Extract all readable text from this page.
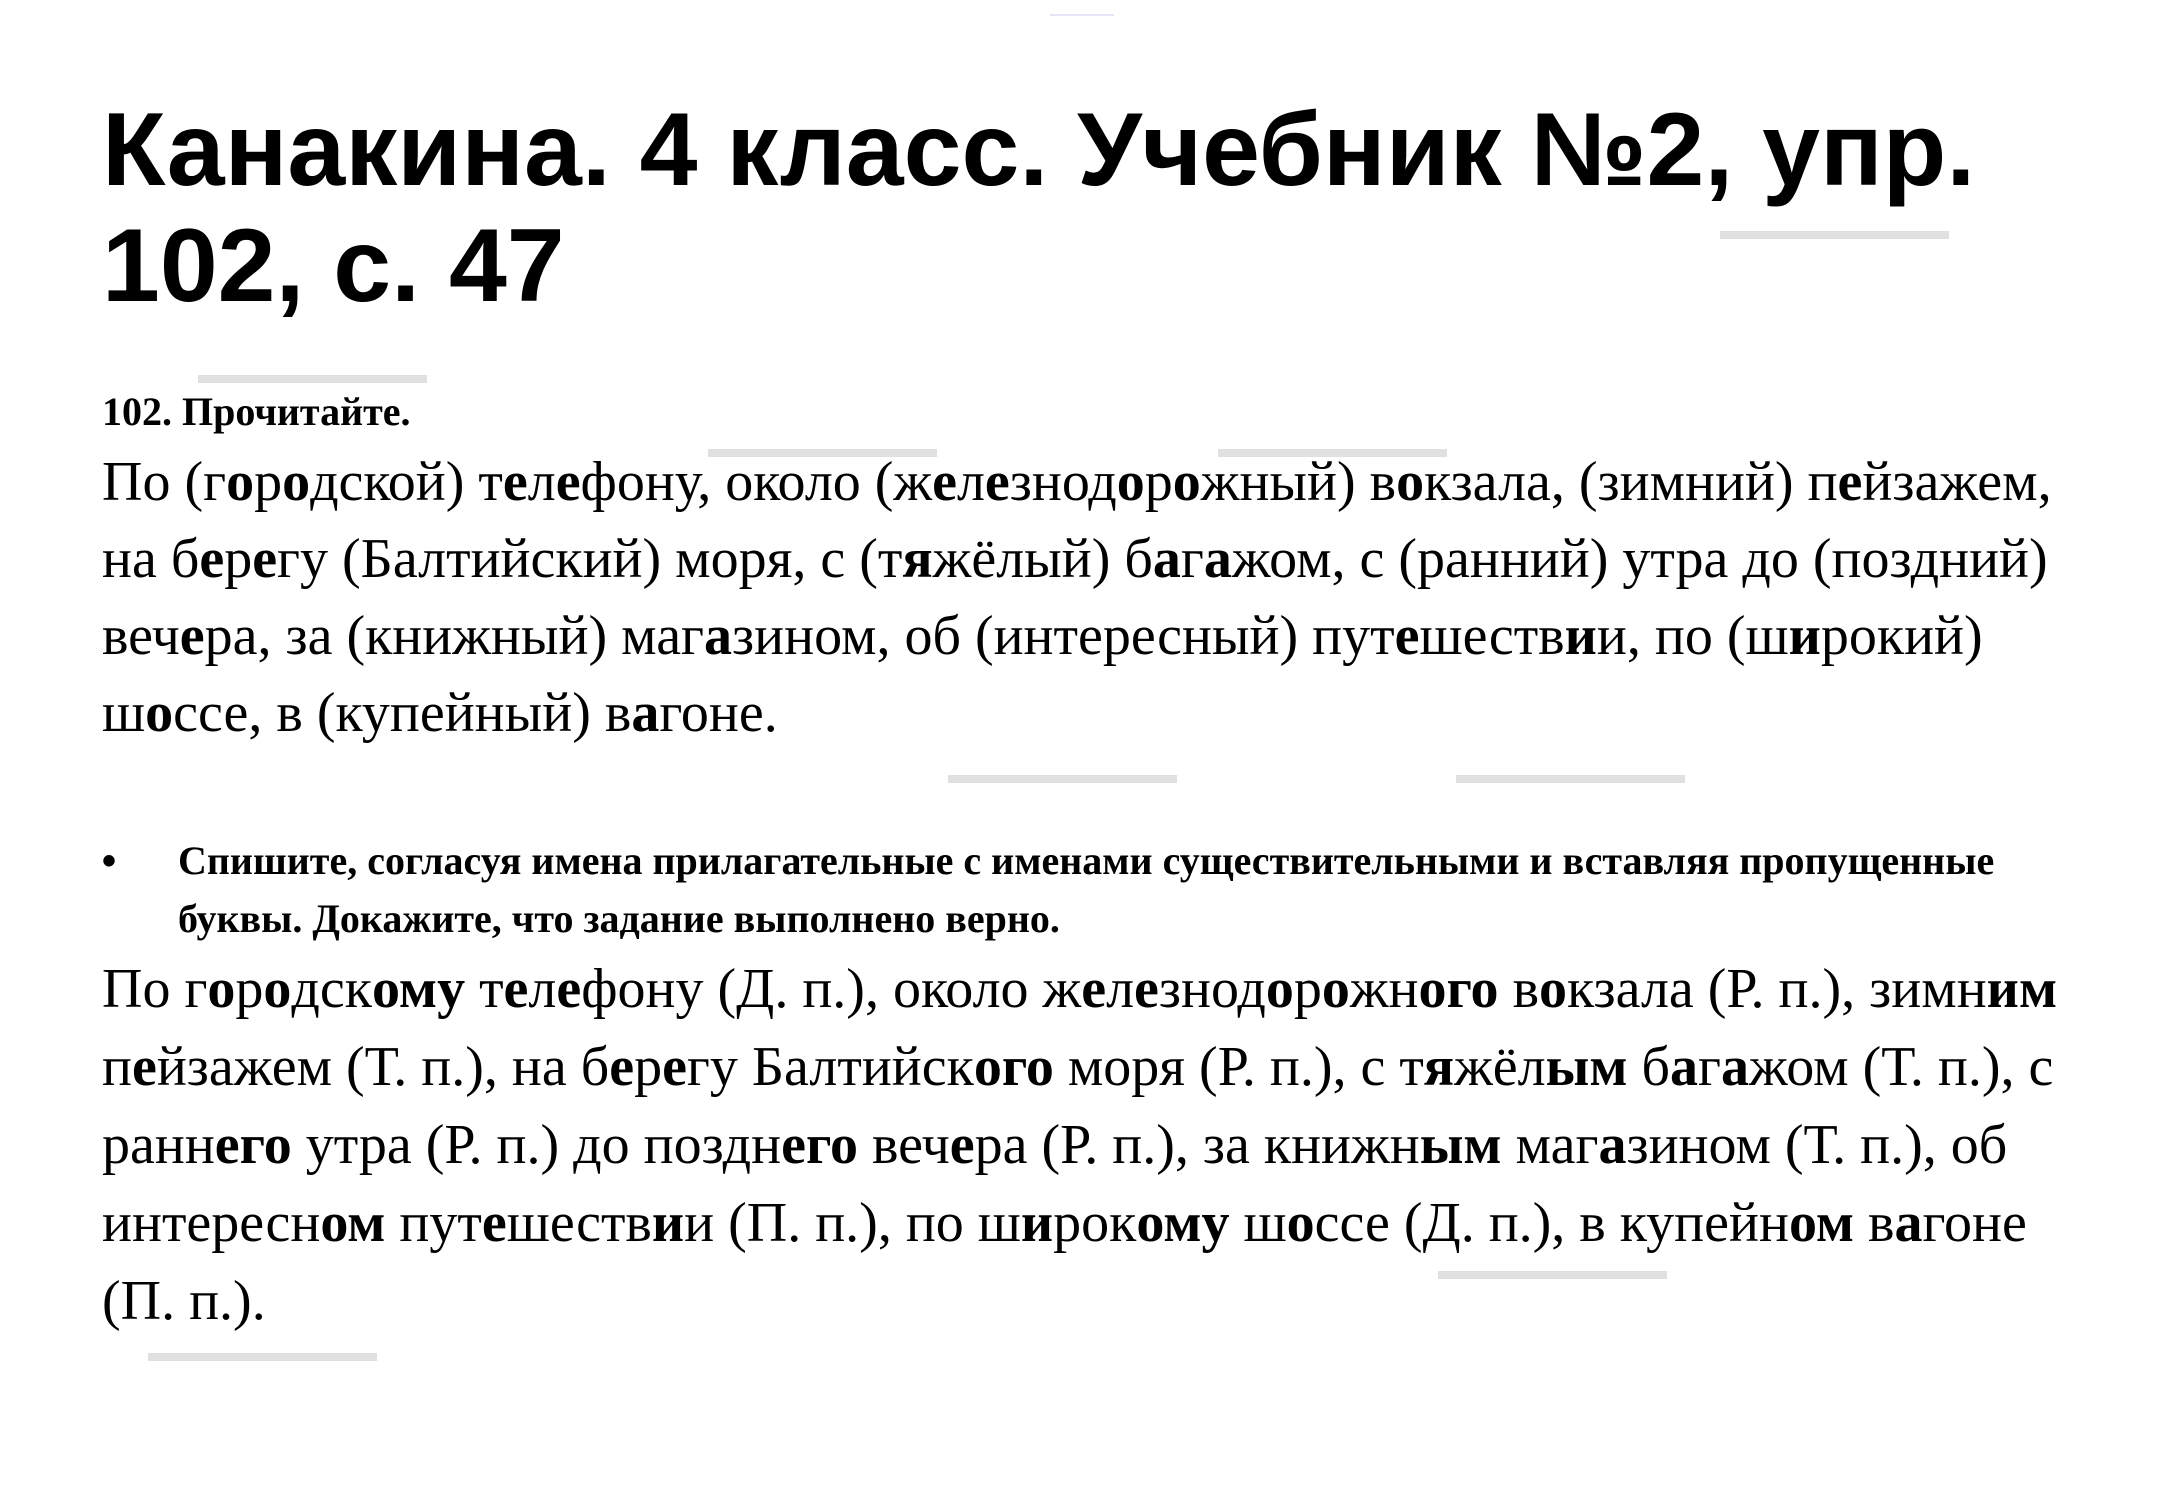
Канакина. 4 класс. Учебник №2, упр. 102, с. 47

102. Прочитайте.

По (городской) телефону, около (железнодорожный) вокзала, (зимний) пейзажем, на берегу (Балтийский) моря, с (тяжёлый) багажом, с (ранний) утра до (поздний) вечера, за (книжный) магазином, об (интересный) путешествии, по (широкий) шоссе, в (купейный) вагоне.

•	Спишите, согласуя имена прилагательные с именами существительными и вставляя пропущенные буквы. Докажите, что задание выполнено верно.

По городскому телефону (Д. п.), около железнодорожного вокзала (Р. п.), зимним пейзажем (Т. п.), на берегу Балтийского моря (Р. п.), с тяжёлым багажом (Т. п.), с раннего утра (Р. п.) до позднего вечера (Р. п.), за книжным магазином (Т. п.), об интересном путешествии (П. п.), по широкому шоссе (Д. п.), в купейном вагоне (П. п.).
